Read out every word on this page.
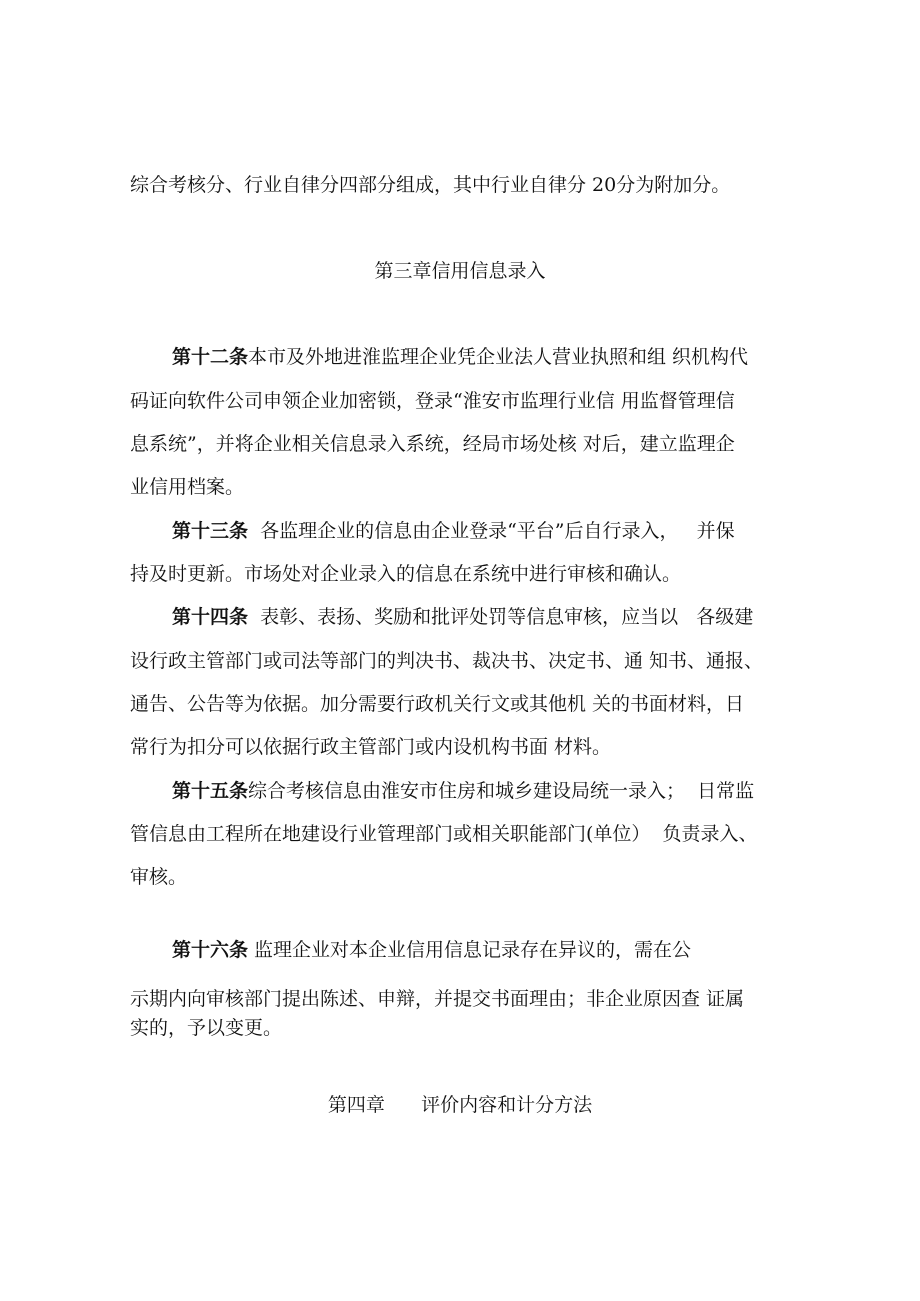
综合考核分、行业自律分四部分组成，其中行业自律分 20分为附加分。
第三章信用信息录入
第十二条本市及外地进淮监理企业凭企业法人营业执照和组 织机构代
码证向软件公司申领企业加密锁，登录“淮安市监理行业信 用监督管理信
息系统”，并将企业相关信息录入系统，经局市场处核 对后，建立监理企
业信用档案。
第十三条  各监理企业的信息由企业登录“平台”后自行录入，   并保
持及时更新。市场处对企业录入的信息在系统中进行审核和确认。
第十四条  表彰、表扬、奖励和批评处罚等信息审核，应当以   各级建
设行政主管部门或司法等部门的判决书、裁决书、决定书、通 知书、通报、
通告、公告等为依据。加分需要行政机关行文或其他机 关的书面材料，日
常行为扣分可以依据行政主管部门或内设机构书面 材料。
第十五条综合考核信息由淮安市住房和城乡建设局统一录入；  日常监
管信息由工程所在地建设行业管理部门或相关职能部门(单位）  负责录入、
审核。
第十六条 监理企业对本企业信用信息记录存在异议的，需在公
示期内向审核部门提出陈述、申辩，并提交书面理由；非企业原因查 证属
实的，予以变更。
第四章      评价内容和计分方法
